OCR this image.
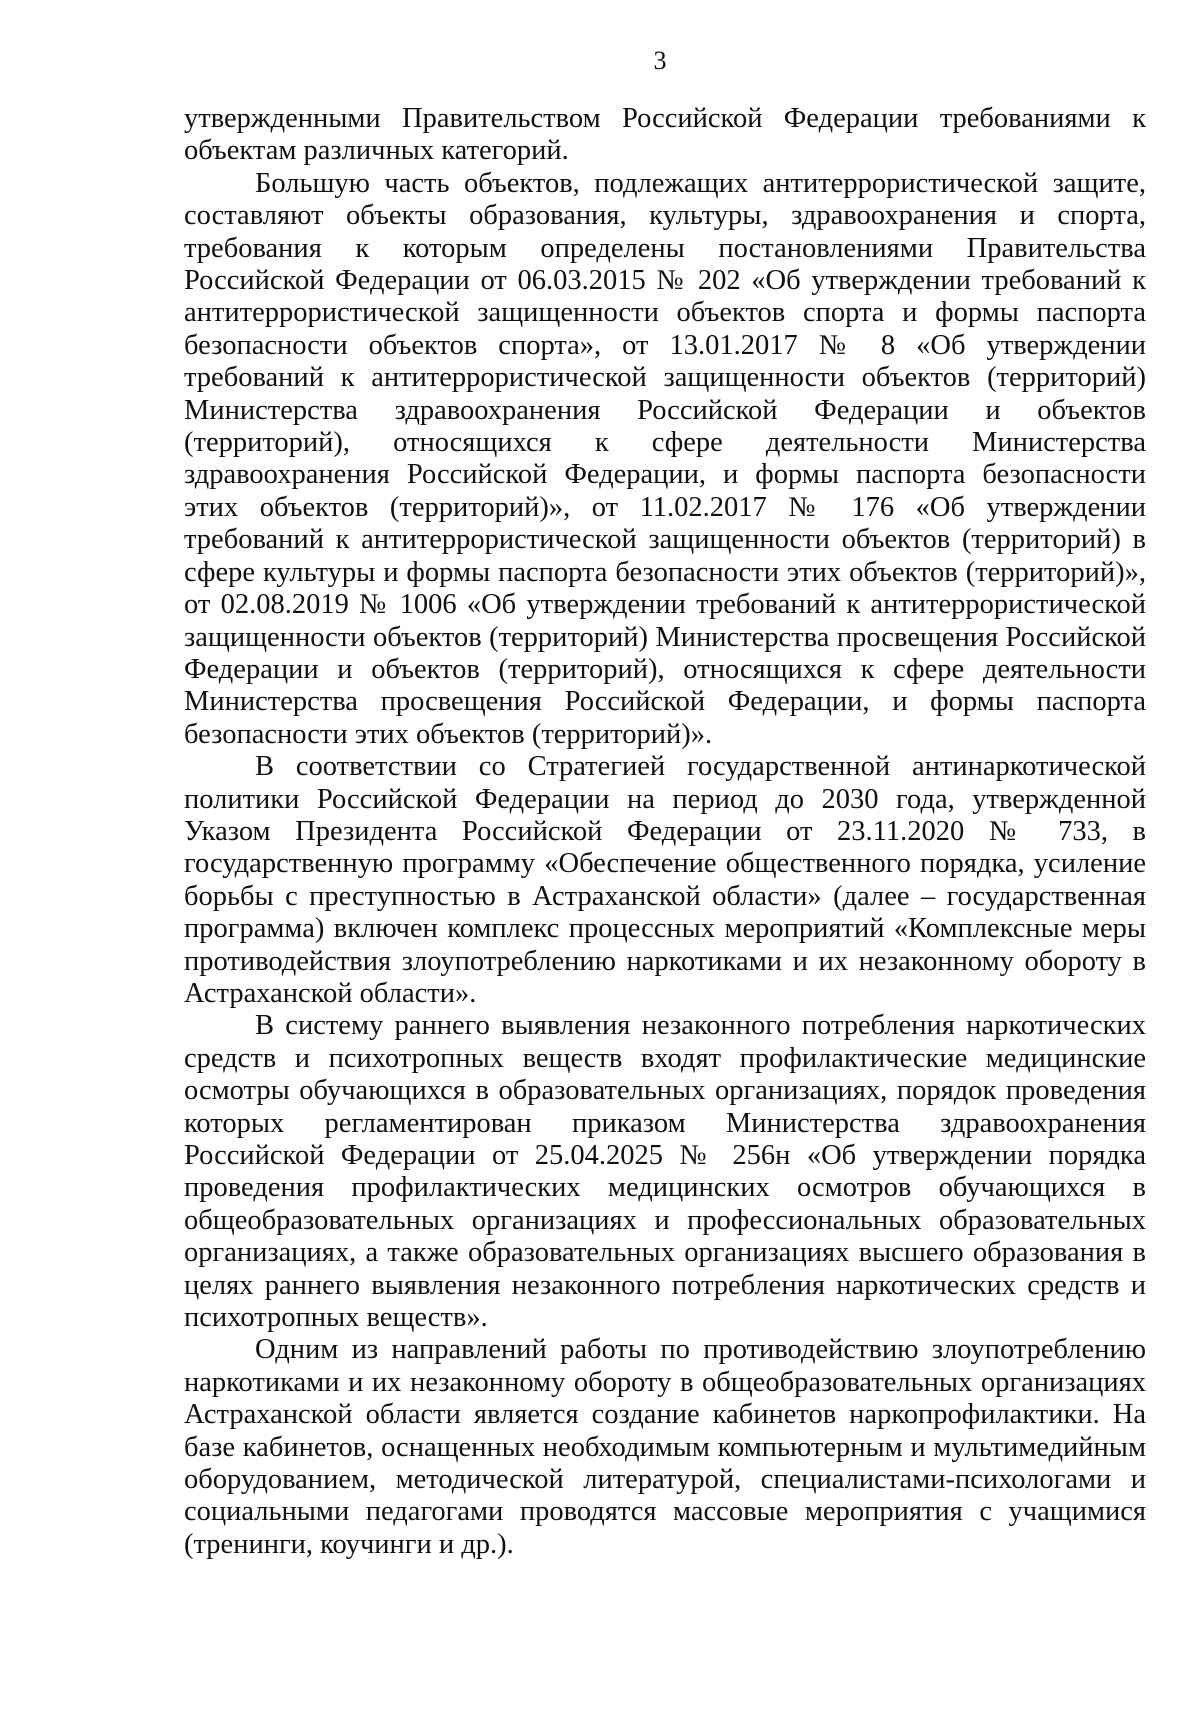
3

утвержденными Правительством Российской Федерации требованиями к объектам различных категорий.

Большую часть объектов, подлежащих антитеррористической защите, составляют объекты образования, культуры, здравоохранения и спорта, требования к которым определены постановлениями Правительства Российской Федерации от 06.03.2015 № 202 «Об утверждении требований к антитеррористической защищенности объектов спорта и формы паспорта безопасности объектов спорта», от 13.01.2017 № 8 «Об утверждении требований к антитеррористической защищенности объектов (территорий) Министерства здравоохранения Российской Федерации и объектов (территорий), относящихся к сфере деятельности Министерства здравоохранения Российской Федерации, и формы паспорта безопасности этих объектов (территорий)», от 11.02.2017 № 176 «Об утверждении требований к антитеррористической защищенности объектов (территорий) в сфере культуры и формы паспорта безопасности этих объектов (территорий)», от 02.08.2019 № 1006 «Об утверждении требований к антитеррористической защищенности объектов (территорий) Министерства просвещения Российской Федерации и объектов (территорий), относящихся к сфере деятельности Министерства просвещения Российской Федерации, и формы паспорта безопасности этих объектов (территорий)».

В соответствии со Стратегией государственной антинаркотической политики Российской Федерации на период до 2030 года, утвержденной Указом Президента Российской Федерации от 23.11.2020 № 733, в государственную программу «Обеспечение общественного порядка, усиление борьбы с преступностью в Астраханской области» (далее – государственная программа) включен комплекс процессных мероприятий «Комплексные меры противодействия злоупотреблению наркотиками и их незаконному обороту в Астраханской области».

В систему раннего выявления незаконного потребления наркотических средств и психотропных веществ входят профилактические медицинские осмотры обучающихся в образовательных организациях, порядок проведения которых регламентирован приказом Министерства здравоохранения Российской Федерации от 25.04.2025 № 256н «Об утверждении порядка проведения профилактических медицинских осмотров обучающихся в общеобразовательных организациях и профессиональных образовательных организациях, а также образовательных организациях высшего образования в целях раннего выявления незаконного потребления наркотических средств и психотропных веществ».

Одним из направлений работы по противодействию злоупотреблению наркотиками и их незаконному обороту в общеобразовательных организациях Астраханской области является создание кабинетов наркопрофилактики. На базе кабинетов, оснащенных необходимым компьютерным и мультимедийным оборудованием, методической литературой, специалистами-психологами и социальными педагогами проводятся массовые мероприятия с учащимися (тренинги, коучинги и др.).
